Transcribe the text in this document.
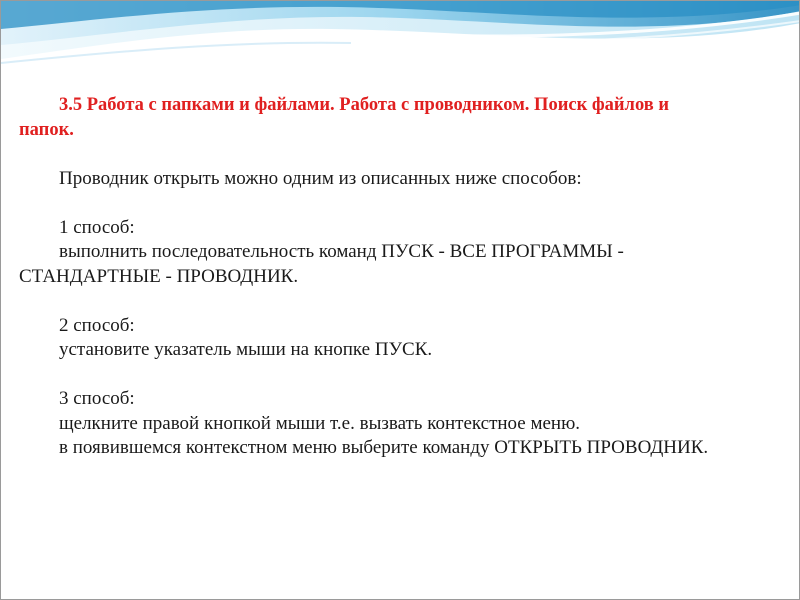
3.5 Работа с папками и файлами. Работа с проводником. Поиск файлов и папок.

Проводник открыть можно одним из описанных ниже способов:

1 способ:

выполнить последовательность команд ПУСК - ВСЕ ПРОГРАММЫ - СТАНДАРТНЫЕ - ПРОВОДНИК.

2 способ:

установите указатель мыши на кнопке ПУСК.

3 способ:

щелкните правой кнопкой мыши т.е. вызвать контекстное меню.

в появившемся контекстном меню выберите команду ОТКРЫТЬ ПРОВОДНИК.
